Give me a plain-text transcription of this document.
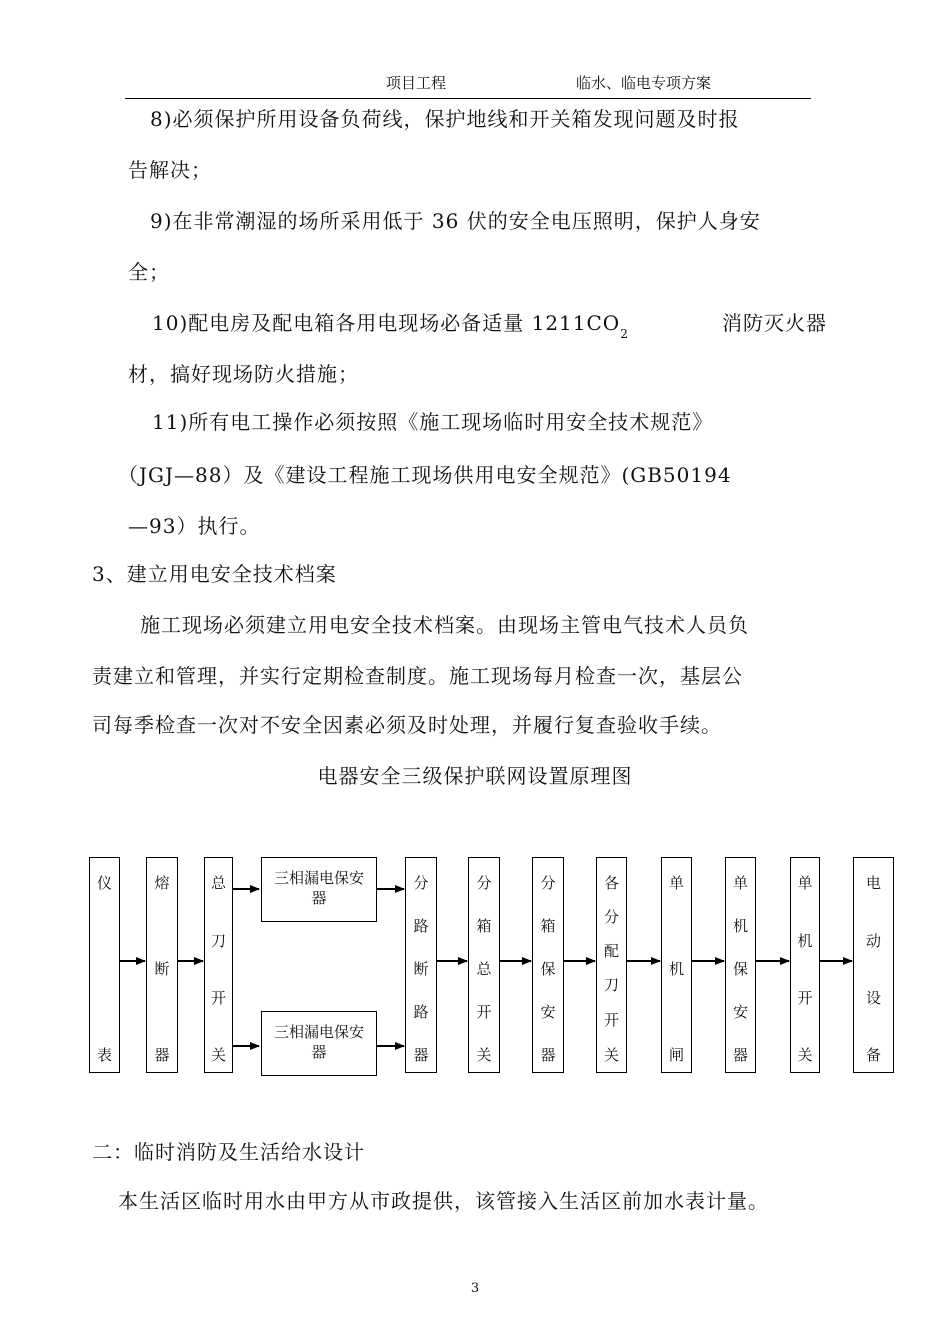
项目工程	临水、临电专项方案
8)必须保护所用设备负荷线，保护地线和开关箱发现问题及时报
告解决；
9)在非常潮湿的场所采用低于 36 伏的安全电压照明，保护人身安
全；
10)配电房及配电箱各用电现场必备适量 $1211CO_2$	消防灭火器
材，搞好现场防火措施；
11)所有电工操作必须按照《施工现场临时用安全技术规范》
（JGJ—88）及《建设工程施工现场供用电安全规范》(GB50194
—93）执行。
3、建立用电安全技术档案
施工现场必须建立用电安全技术档案。由现场主管电气技术人员负
责建立和管理，并实行定期检查制度。施工现场每月检查一次，基层公
司每季检查一次对不安全因素必须及时处理，并履行复查验收手续。
电器安全三级保护联网设置原理图
仪
表
熔
断
器
总
刀
开
关
三相漏电保安
器
三相漏电保安
器
分
路
断
路
器
分
箱
总
开
关
分
箱
保
安
器
各
分
配
刀
开
关
单
机
闸
单
机
保
安
器
单
机
开
关
电
动
设
备
二：临时消防及生活给水设计
本生活区临时用水由甲方从市政提供，该管接入生活区前加水表计量。
3
